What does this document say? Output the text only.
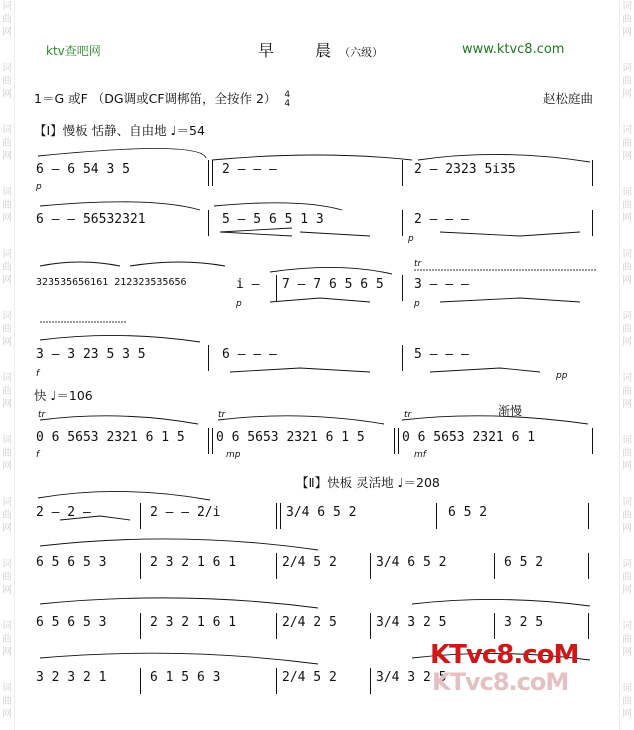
词
曲
网
词
曲
网
词
曲
网
词
曲
网
词
曲
网
词
曲
网
词
曲
网
词
曲
网
词
曲
网
词
曲
网
词
曲
网
词
曲
网
词
曲
网
词
曲
网
词
曲
网
词
曲
网
词
曲
网
词
曲
网
词
曲
网
词
曲
网
词
曲
网
词
曲
网
词
曲
网
词
曲
网
ktv查吧网	早 晨（六级）	www.ktvc8.com
1＝G 或F （DG调或CF调梆笛，全按作 2） 4
4	赵松庭曲
【Ⅰ】慢板 恬静、自由地 ♩＝54
6 – 6 54 3 5	2 – – –	2 – 2323 5i35
p
6 – – 56532321	5 – 5 6 5 1 3	2 – – –
p
323535656161 212323535656	i – 7 – 7 6 5 6 5 3 – – –
tr
p	p
3 – 3 23 5 3 5	6 – – –	5 – – –
f	pp
快 ♩＝106
渐慢
0 6 5653 2321 6 1 5 0 6 5653 2321 6 1 5	0 6 5653 2321 6 1
tr	tr	tr
f	mp	mf
【Ⅱ】快板 灵活地 ♩＝208
2 – 2 –	2 – – 2/i	3/4 6 5 2	6 5 2
6 5 6 5 3	2 3 2 1 6 1	2/4 5 2	3/4 6 5 2	6 5 2
6 5 6 5 3	2 3 2 1 6 1	2/4 2 5	3/4 3 2 5	3 2 5
3 2 3 2 1	6 1 5 6 3	2/4 5 2	3/4 3 2 5
KTvc8.coM
KTvc8.coM
